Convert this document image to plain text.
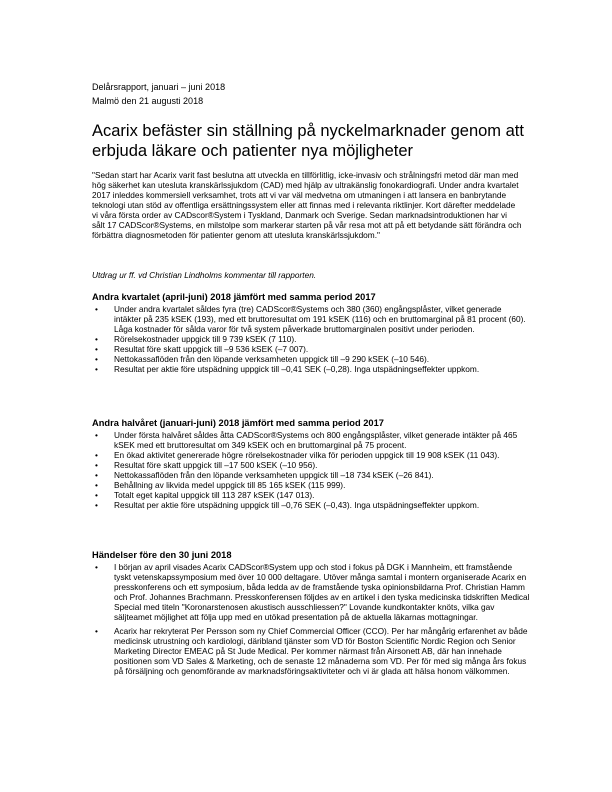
Delårsrapport, januari – juni 2018
Malmö den 21 augusti 2018
Acarix befäster sin ställning på nyckelmarknader genom att erbjuda läkare och patienter nya möjligheter

"Sedan start har Acarix varit fast beslutna att utveckla en tillförlitlig, icke-invasiv och strålningsfri metod där man med hög säkerhet kan utesluta kranskärlssjukdom (CAD) med hjälp av ultrakänslig fonokardiografi. Under andra kvartalet 2017 inleddes kommersiell verksamhet, trots att vi var väl medvetna om utmaningen i att lansera en banbrytande teknologi utan stöd av offentliga ersättningssystem eller att finnas med i relevanta riktlinjer. Kort därefter meddelade vi våra första order av CADscor®System i Tyskland, Danmark och Sverige. Sedan marknadsintroduktionen har vi sålt 17 CADScor®Systems, en milstolpe som markerar starten på vår resa mot att på ett betydande sätt förändra och förbättra diagnosmetoden för patienter genom att utesluta kranskärlssjukdom."

Utdrag ur ff. vd Christian Lindholms kommentar till rapporten.

Andra kvartalet (april-juni) 2018 jämfört med samma period 2017
• Under andra kvartalet såldes fyra (tre) CADScor®Systems och 380 (360) engångsplåster, vilket generade intäkter på 235 kSEK (193), med ett bruttoresultat om 191 kSEK (116) och en bruttomarginal på 81 procent (60). Låga kostnader för sålda varor för två system påverkade bruttomarginalen positivt under perioden.
• Rörelsekostnader uppgick till 9 739 kSEK (7 110).
• Resultat före skatt uppgick till –9 536 kSEK (–7 007).
• Nettokassaflöden från den löpande verksamheten uppgick till –9 290 kSEK (–10 546).
• Resultat per aktie före utspädning uppgick till –0,41 SEK (–0,28). Inga utspädningseffekter uppkom.
Andra halvåret (januari-juni) 2018 jämfört med samma period 2017
• Under första halvåret såldes åtta CADScor®Systems och 800 engångsplåster, vilket generade intäkter på 465 kSEK med ett bruttoresultat om 349 kSEK och en bruttomarginal på 75 procent.
• En ökad aktivitet genererade högre rörelsekostnader vilka för perioden uppgick till 19 908 kSEK (11 043).
• Resultat före skatt uppgick till –17 500 kSEK (–10 956).
• Nettokassaflöden från den löpande verksamheten uppgick till –18 734 kSEK (–26 841).
• Behållning av likvida medel uppgick till 85 165 kSEK (115 999).
• Totalt eget kapital uppgick till 113 287 kSEK (147 013).
• Resultat per aktie före utspädning uppgick till –0,76 SEK (–0,43). Inga utspädningseffekter uppkom.
Händelser före den 30 juni 2018
• I början av april visades Acarix CADScor®System upp och stod i fokus på DGK i Mannheim, ett framstående tyskt vetenskapssymposium med över 10 000 deltagare. Utöver många samtal i montern organiserade Acarix en presskonferens och ett symposium, båda ledda av de framstående tyska opinionsbildarna Prof. Christian Hamm och Prof. Johannes Brachmann. Presskonferensen följdes av en artikel i den tyska medicinska tidskriften Medical Special med titeln "Koronarstenosen akustisch ausschliessen?" Lovande kundkontakter knöts, vilka gav säljteamet möjlighet att följa upp med en utökad presentation på de aktuella läkarnas mottagningar.
• Acarix har rekryterat Per Persson som ny Chief Commercial Officer (CCO). Per har mångårig erfarenhet av både medicinsk utrustning och kardiologi, däribland tjänster som VD för Boston Scientific Nordic Region och Senior Marketing Director EMEAC på St Jude Medical. Per kommer närmast från Airsonett AB, där han innehade positionen som VD Sales & Marketing, och de senaste 12 månaderna som VD. Per för med sig många års fokus på försäljning och genomförande av marknadsföringsaktiviteter och vi är glada att hälsa honom välkommen.
